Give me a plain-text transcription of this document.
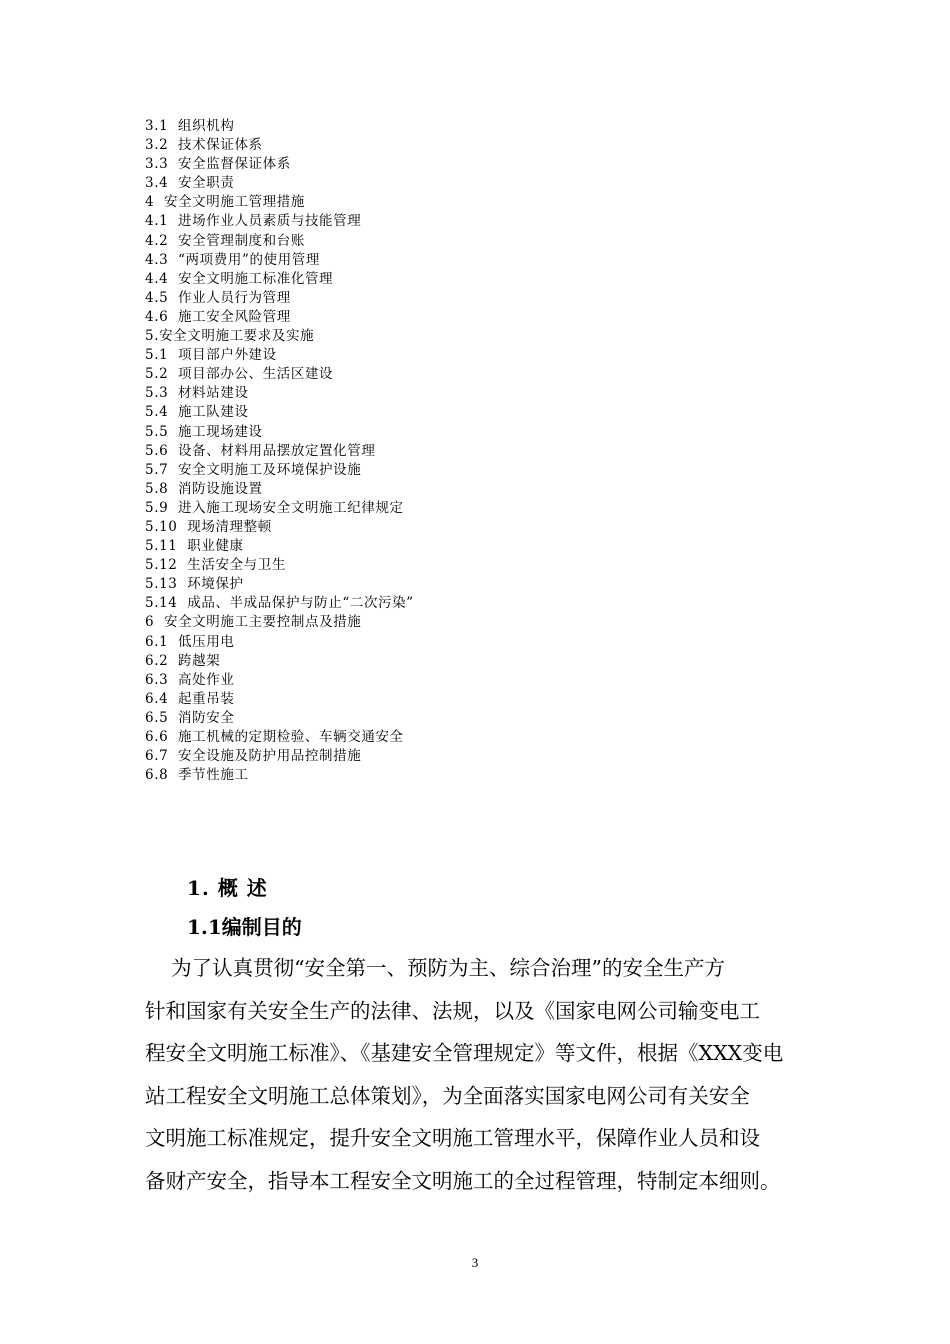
3.1  组织机构
3.2  技术保证体系
3.3  安全监督保证体系
3.4  安全职责
4  安全文明施工管理措施
4.1  进场作业人员素质与技能管理
4.2  安全管理制度和台账
4.3  “两项费用”的使用管理
4.4  安全文明施工标准化管理
4.5  作业人员行为管理
4.6  施工安全风险管理
5.安全文明施工要求及实施
5.1  项目部户外建设
5.2  项目部办公、生活区建设
5.3  材料站建设
5.4  施工队建设
5.5  施工现场建设
5.6  设备、材料用品摆放定置化管理
5.7  安全文明施工及环境保护设施
5.8  消防设施设置
5.9  进入施工现场安全文明施工纪律规定
5.10  现场清理整顿
5.11  职业健康
5.12  生活安全与卫生
5.13  环境保护
5.14  成品、半成品保护与防止“二次污染”
6  安全文明施工主要控制点及措施
6.1  低压用电
6.2  跨越架
6.3  高处作业
6.4  起重吊装
6.5  消防安全
6.6  施工机械的定期检验、车辆交通安全
6.7  安全设施及防护用品控制措施
6.8  季节性施工
1. 概 述
1.1编制目的
为了认真贯彻“安全第一、预防为主、综合治理”的安全生产方
针和国家有关安全生产的法律、法规，以及《国家电网公司输变电工
程安全文明施工标准》、《基建安全管理规定》等文件，根据《XXX变电
站工程安全文明施工总体策划》，为全面落实国家电网公司有关安全
文明施工标准规定，提升安全文明施工管理水平，保障作业人员和设
备财产安全，指导本工程安全文明施工的全过程管理，特制定本细则。
3
